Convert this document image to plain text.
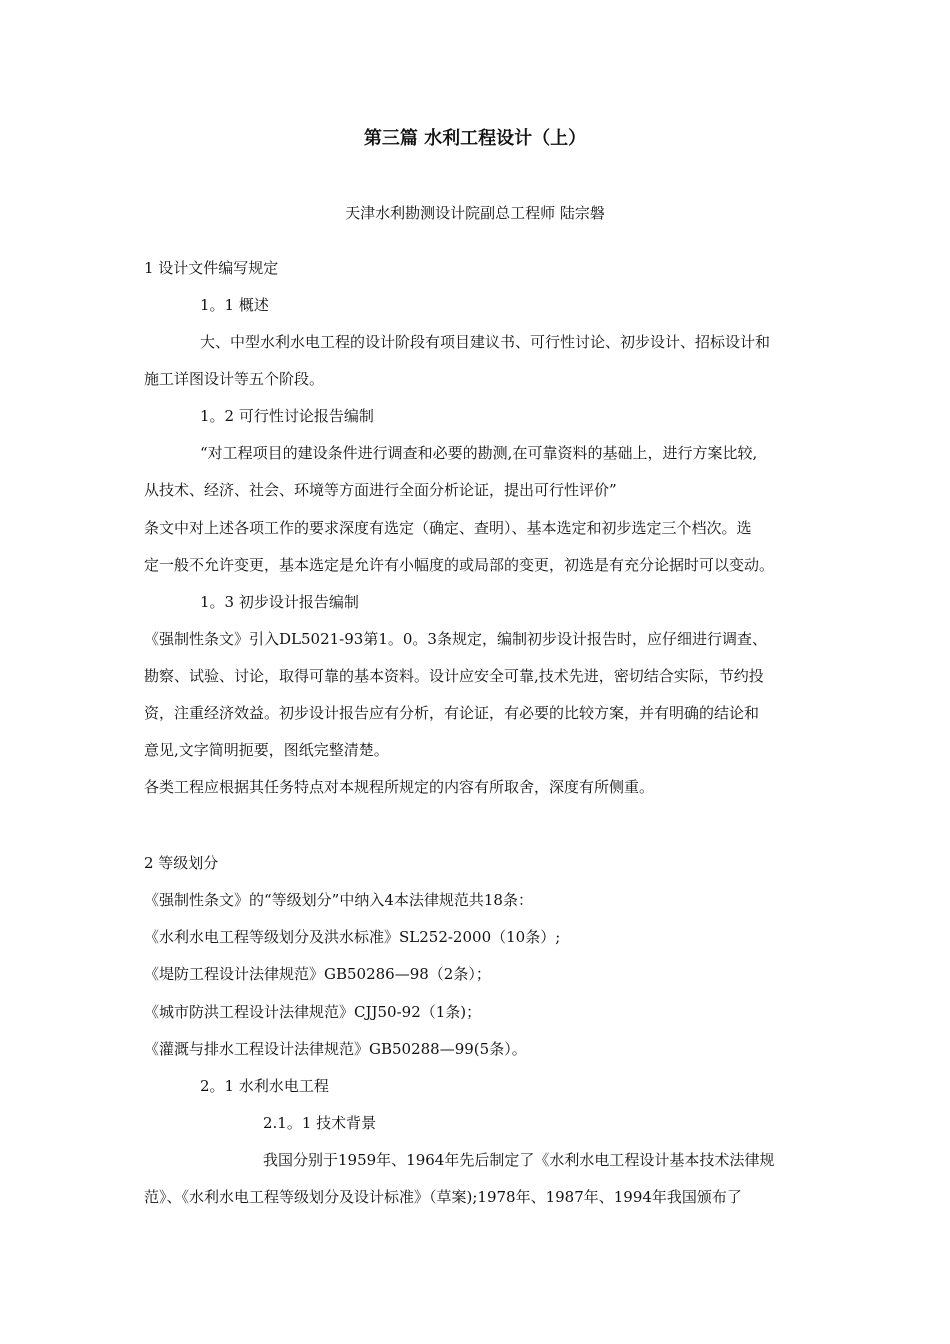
第三篇 水利工程设计（上）
天津水利勘测设计院副总工程师 陆宗磐
1 设计文件编写规定
1。1 概述
大、中型水利水电工程的设计阶段有项目建议书、可行性讨论、初步设计、招标设计和
施工详图设计等五个阶段。
1。2 可行性讨论报告编制
“对工程项目的建设条件进行调查和必要的勘测,在可靠资料的基础上，进行方案比较,
从技术、经济、社会、环境等方面进行全面分析论证，提出可行性评价”
条文中对上述各项工作的要求深度有选定（确定、查明）、基本选定和初步选定三个档次。选
定一般不允许变更，基本选定是允许有小幅度的或局部的变更，初选是有充分论据时可以变动。
1。3 初步设计报告编制
《强制性条文》引入DL5021-93第1。0。3条规定，编制初步设计报告时，应仔细进行调查、
勘察、试验、讨论，取得可靠的基本资料。设计应安全可靠,技术先进，密切结合实际，节约投
资，注重经济效益。初步设计报告应有分析，有论证，有必要的比较方案，并有明确的结论和
意见,文字简明扼要，图纸完整清楚。
各类工程应根据其任务特点对本规程所规定的内容有所取舍，深度有所侧重。
2 等级划分
《强制性条文》的“等级划分”中纳入4本法律规范共18条：
《水利水电工程等级划分及洪水标准》SL252-2000（10条）;
《堤防工程设计法律规范》GB50286—98（2条）；
《城市防洪工程设计法律规范》CJJ50-92（1条)；
《灌溉与排水工程设计法律规范》GB50288—99(5条）。
2。1 水利水电工程
2.1。1 技术背景
我国分别于1959年、1964年先后制定了《水利水电工程设计基本技术法律规
范》、《水利水电工程等级划分及设计标准》（草案);1978年、1987年、1994年我国颁布了
